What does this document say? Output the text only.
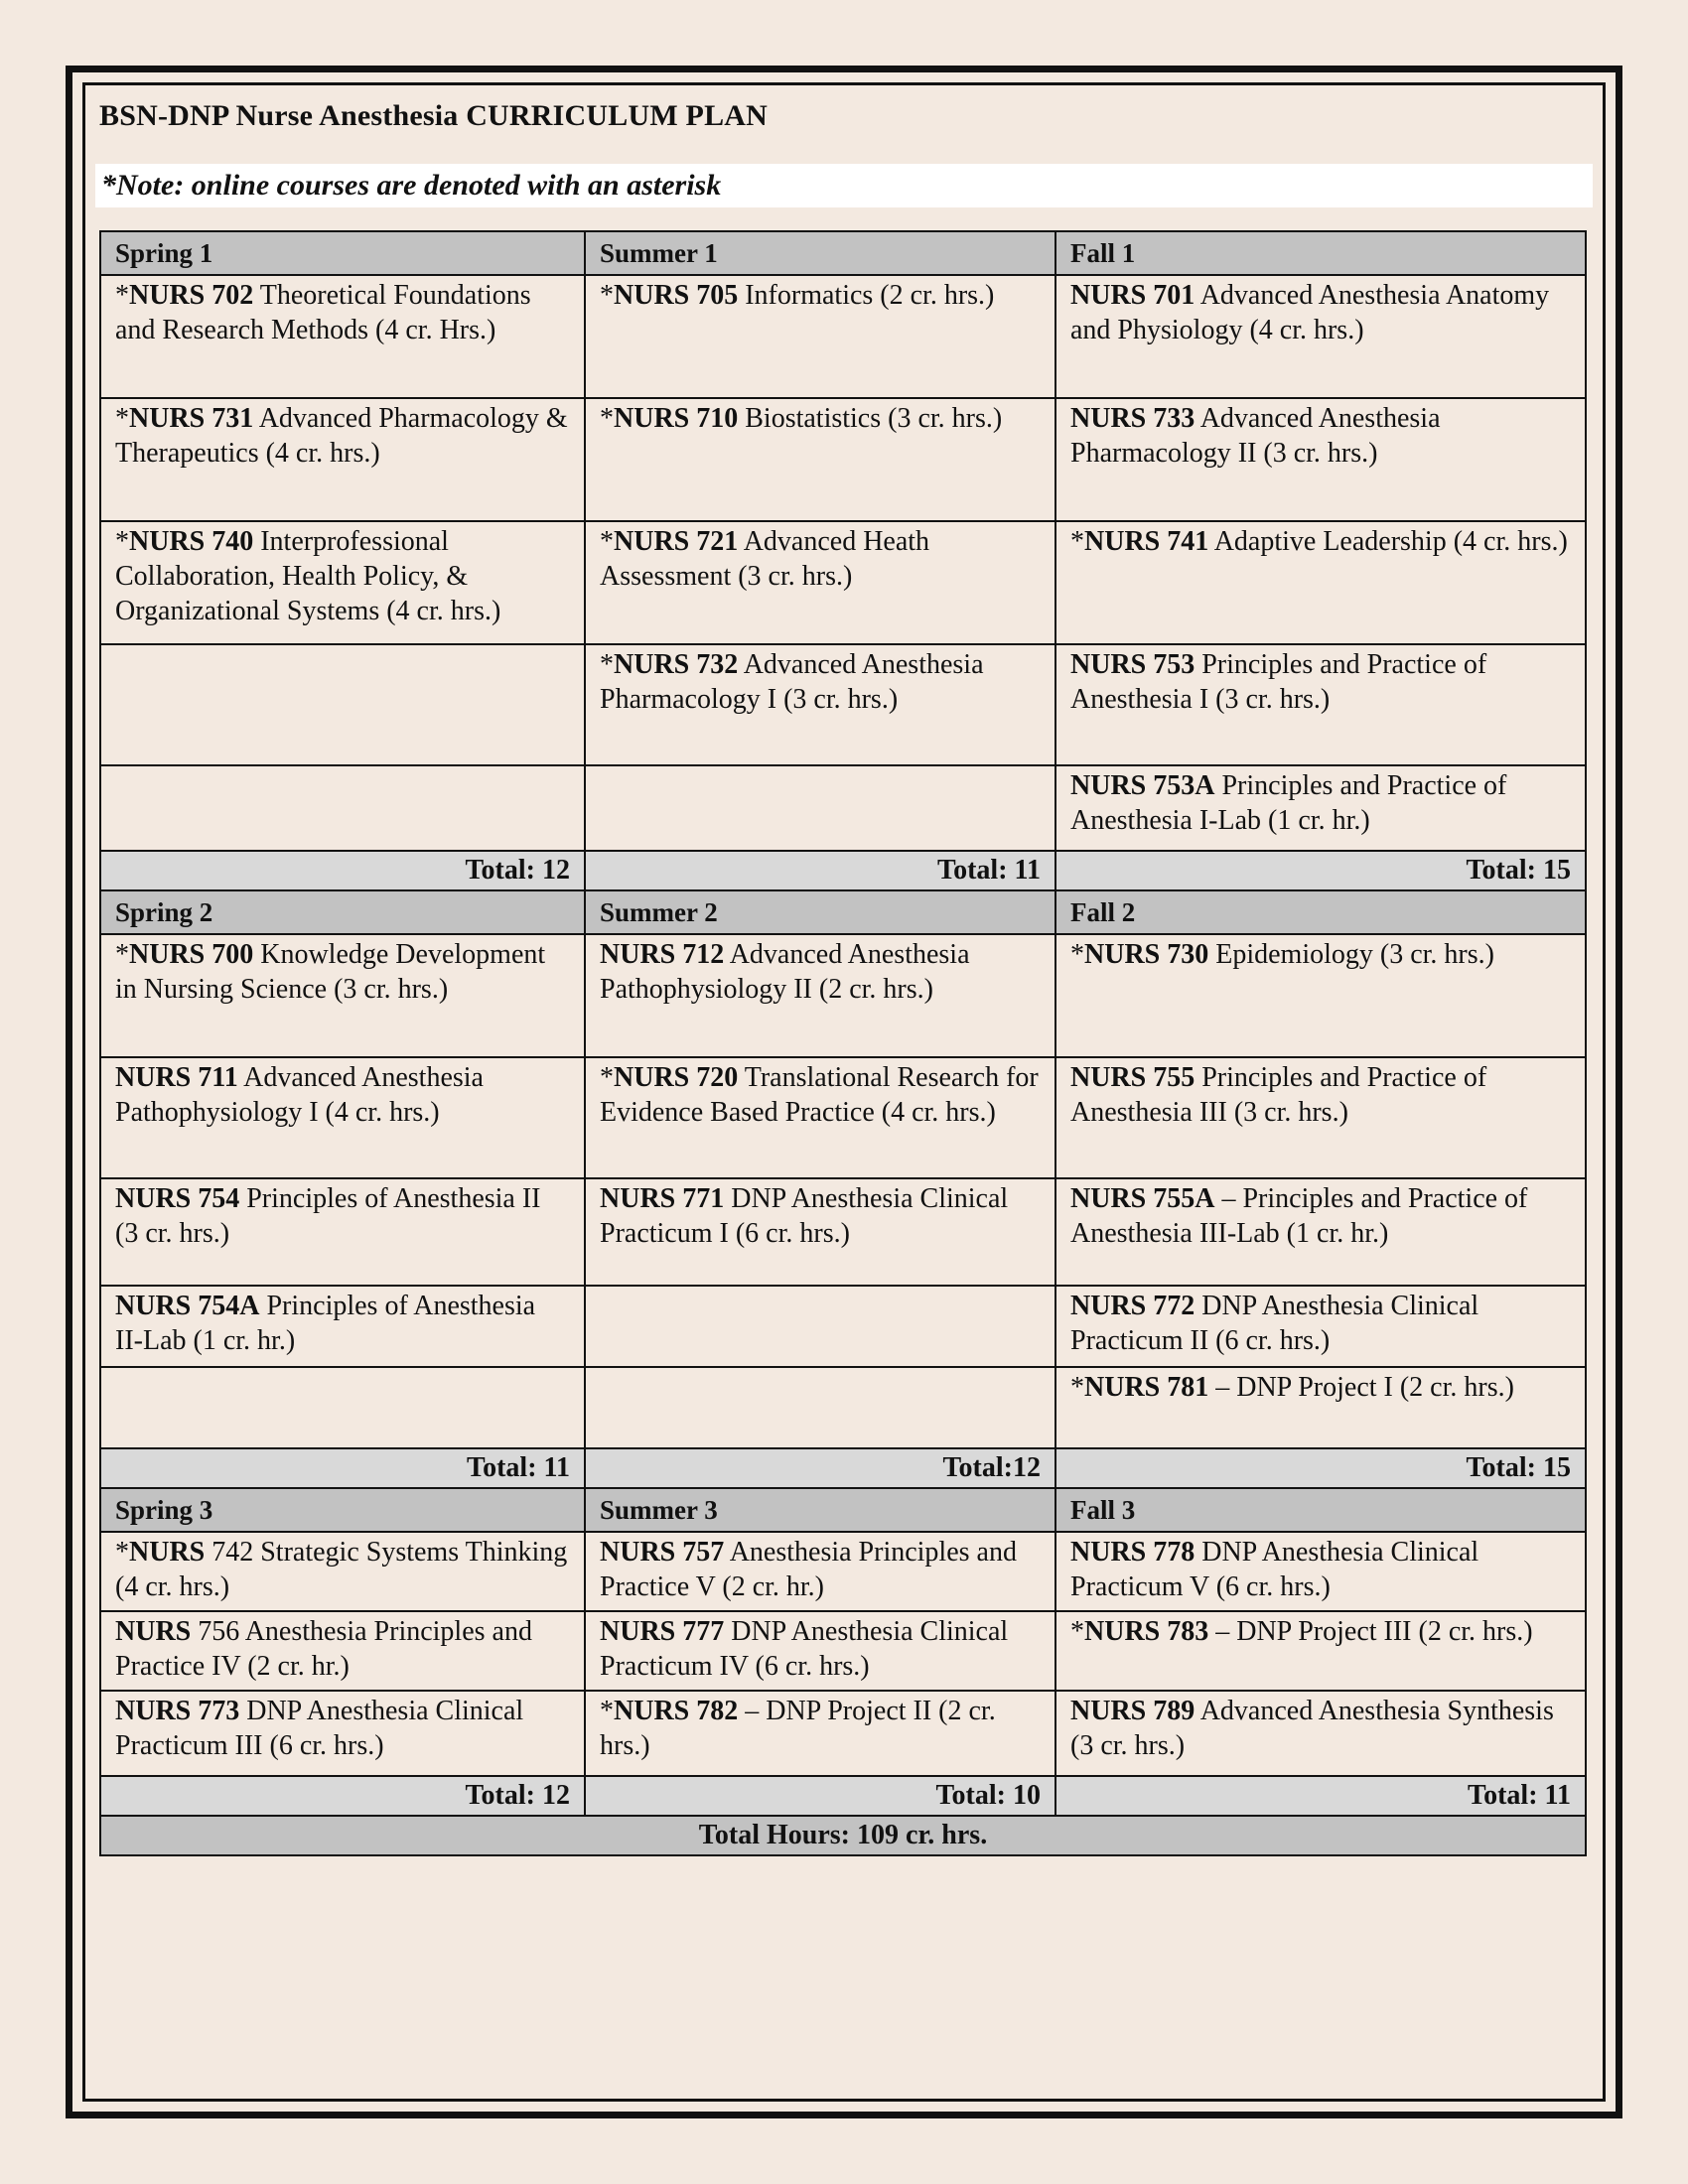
BSN-DNP Nurse Anesthesia CURRICULUM PLAN
*Note: online courses are denoted with an asterisk
Spring 1	Summer 1	Fall 1
*NURS 702 Theoretical Foundations and Research Methods (4 cr. Hrs.)	*NURS 705 Informatics (2 cr. hrs.)	NURS 701 Advanced Anesthesia Anatomy and Physiology (4 cr. hrs.)
*NURS 731 Advanced Pharmacology & Therapeutics (4 cr. hrs.)	*NURS 710 Biostatistics (3 cr. hrs.)	NURS 733 Advanced Anesthesia Pharmacology II (3 cr. hrs.)
*NURS 740 Interprofessional Collaboration, Health Policy, & Organizational Systems (4 cr. hrs.)	*NURS 721 Advanced Heath Assessment (3 cr. hrs.)	*NURS 741 Adaptive Leadership (4 cr. hrs.)
	*NURS 732 Advanced Anesthesia Pharmacology I (3 cr. hrs.)	NURS 753 Principles and Practice of Anesthesia I (3 cr. hrs.)
		NURS 753A Principles and Practice of Anesthesia I-Lab (1 cr. hr.)
Total: 12	Total: 11	Total: 15
Spring 2	Summer 2	Fall 2
*NURS 700 Knowledge Development in Nursing Science (3 cr. hrs.)	NURS 712 Advanced Anesthesia Pathophysiology II (2 cr. hrs.)	*NURS 730 Epidemiology (3 cr. hrs.)
NURS 711 Advanced Anesthesia Pathophysiology I (4 cr. hrs.)	*NURS 720 Translational Research for Evidence Based Practice (4 cr. hrs.)	NURS 755 Principles and Practice of Anesthesia III (3 cr. hrs.)
NURS 754 Principles of Anesthesia II (3 cr. hrs.)	NURS 771 DNP Anesthesia Clinical Practicum I (6 cr. hrs.)	NURS 755A – Principles and Practice of Anesthesia III-Lab (1 cr. hr.)
NURS 754A Principles of Anesthesia II-Lab (1 cr. hr.)		NURS 772 DNP Anesthesia Clinical Practicum II (6 cr. hrs.)
		*NURS 781 – DNP Project I (2 cr. hrs.)
Total: 11	Total:12	Total: 15
Spring 3	Summer 3	Fall 3
*NURS 742 Strategic Systems Thinking (4 cr. hrs.)	NURS 757 Anesthesia Principles and Practice V (2 cr. hr.)	NURS 778 DNP Anesthesia Clinical Practicum V (6 cr. hrs.)
NURS 756 Anesthesia Principles and Practice IV (2 cr. hr.)	NURS 777 DNP Anesthesia Clinical Practicum IV (6 cr. hrs.)	*NURS 783 – DNP Project III (2 cr. hrs.)
NURS 773 DNP Anesthesia Clinical Practicum III (6 cr. hrs.)	*NURS 782 – DNP Project II (2 cr. hrs.)	NURS 789 Advanced Anesthesia Synthesis (3 cr. hrs.)
Total: 12	Total: 10	Total: 11
Total Hours: 109 cr. hrs.		
